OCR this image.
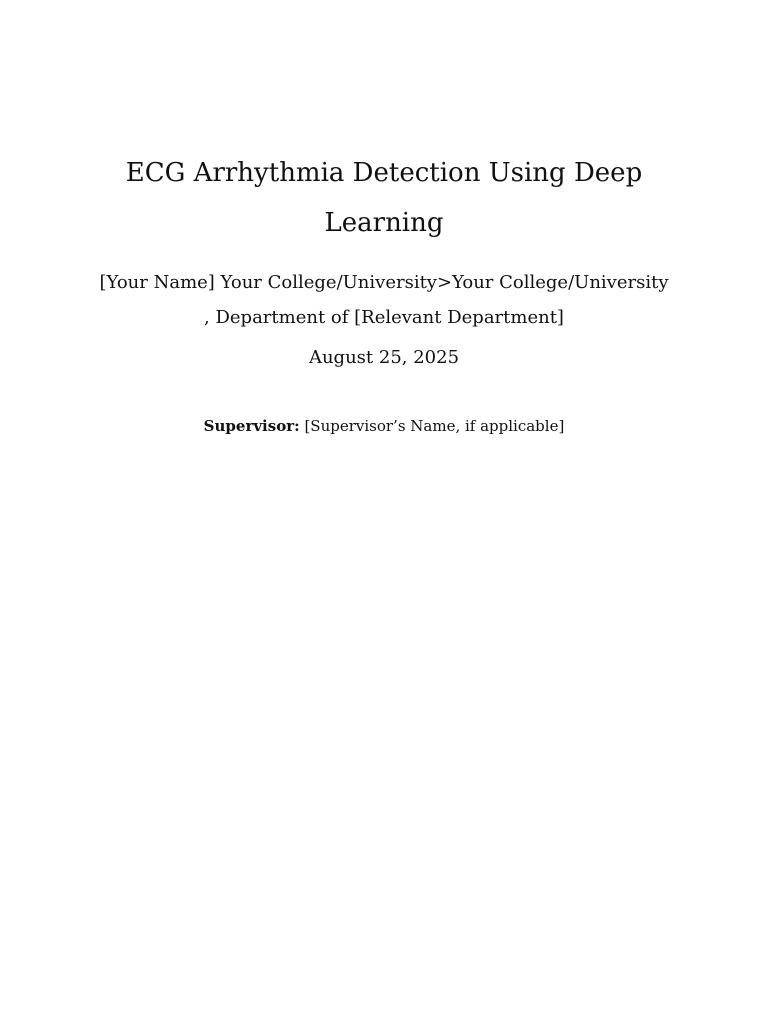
ECG Arrhythmia Detection Using Deep
Learning

[Your Name] Your College/University>Your College/University
, Department of [Relevant Department]

August 25, 2025

Supervisor: [Supervisor’s Name, if applicable]
